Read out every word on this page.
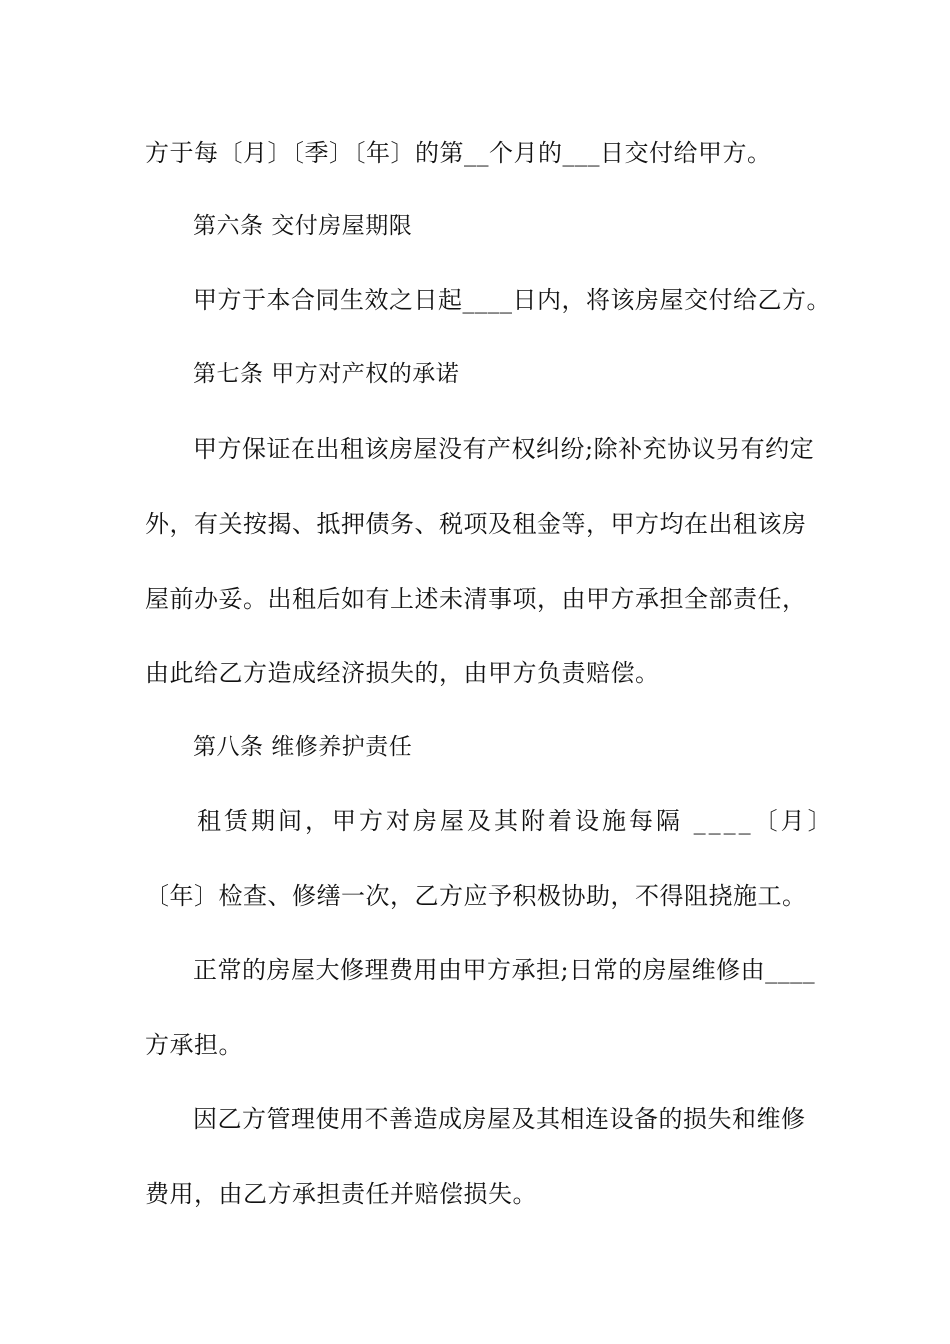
方于每〔月〕〔季〕〔年〕的第__个月的___日交付给甲方。
第六条 交付房屋期限
甲方于本合同生效之日起____日内，将该房屋交付给乙方。
第七条 甲方对产权的承诺
甲方保证在出租该房屋没有产权纠纷;除补充协议另有约定
外，有关按揭、抵押债务、税项及租金等，甲方均在出租该房
屋前办妥。出租后如有上述未清事项，由甲方承担全部责任，
由此给乙方造成经济损失的，由甲方负责赔偿。
第八条 维修养护责任
租赁期间，甲方对房屋及其附着设施每隔 ____〔月〕
〔年〕检查、修缮一次，乙方应予积极协助，不得阻挠施工。
正常的房屋大修理费用由甲方承担;日常的房屋维修由____
方承担。
因乙方管理使用不善造成房屋及其相连设备的损失和维修
费用，由乙方承担责任并赔偿损失。
